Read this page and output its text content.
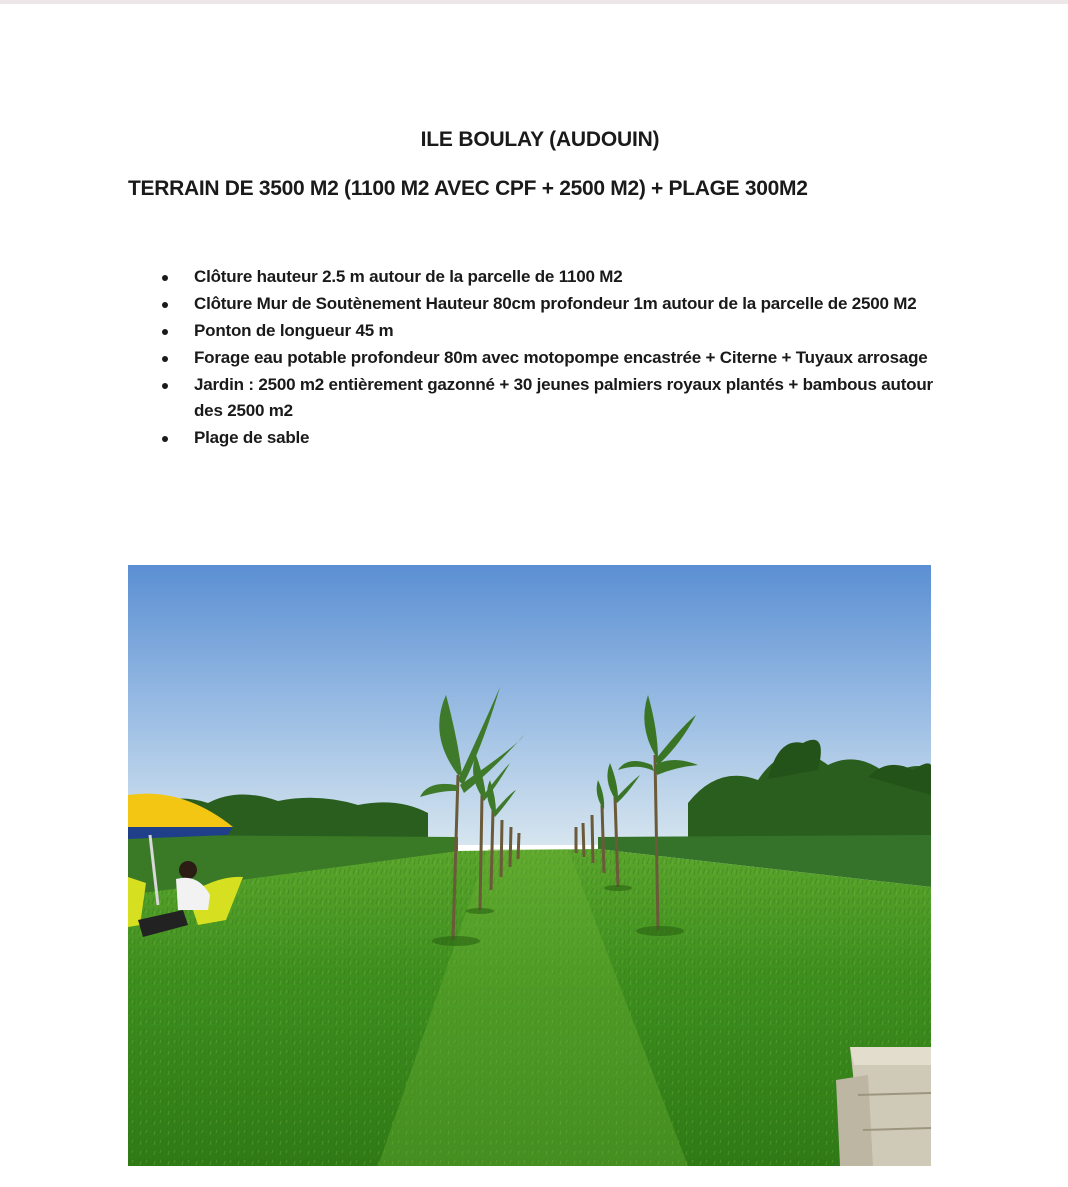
ILE BOULAY (AUDOUIN)
TERRAIN DE 3500 M2 (1100 M2 AVEC CPF + 2500 M2) + PLAGE 300M2
Clôture hauteur 2.5 m autour de la parcelle de 1100 M2
Clôture Mur de Soutènement Hauteur 80cm profondeur 1m autour de la parcelle de 2500 M2
Ponton de longueur 45 m
Forage eau potable profondeur 80m avec motopompe encastrée + Citerne + Tuyaux arrosage
Jardin : 2500 m2 entièrement gazonné + 30 jeunes palmiers royaux plantés + bambous autour des 2500 m2
Plage de sable
